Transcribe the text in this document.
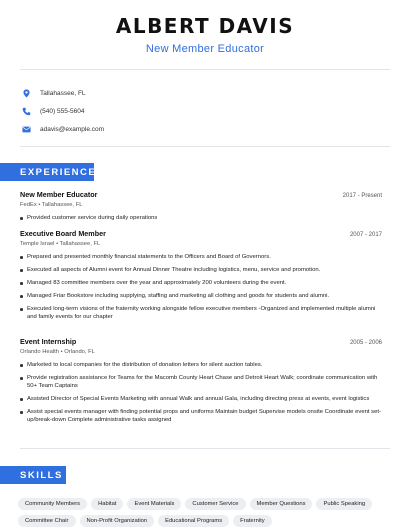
ALBERT DAVIS
New Member Educator
Tallahassee, FL
(540) 555-5604
adavis@example.com
EXPERIENCE
New Member Educator	2017 - Present
FedEx • Tallahassee, FL
Provided customer service during daily operations
Executive Board Member	2007 - 2017
Temple Israel • Tallahassee, FL
Prepared and presented monthly financial statements to the Officers and Board of Governors.
Executed all aspects of Alumni event for Annual Dinner Theatre including logistics, menu, service and promotion.
Managed 83 committee members over the year and approximately 200 volunteers during the event.
Managed Friar Bookstore including supplying, staffing and marketing all clothing and goods for students and alumni.
Executed long-term visions of the fraternity working alongside fellow executive members -Organized and implemented multiple alumni and family events for our chapter
Event Internship	2005 - 2006
Orlando Health • Orlando, FL
Marketed to local companies for the distribution of donation letters for silent auction tables.
Provide registration assistance for Teams for the Macomb County Heart Chase and Detroit Heart Walk; coordinate communication with 50+ Team Captains
Assisted Director of Special Events Marketing with annual Walk and annual Gala, including directing press at events, event logistics
Assist special events manager with finding potential props and uniforms Maintain budget Supervise models onsite Coordinate event set-up/break-down Complete administrative tasks assigned
SKILLS
Community Members	Habitat	Event Materials	Customer Service	Member Questions	Public Speaking
Committee Chair	Non-Profit Organization	Educational Programs	Fraternity
